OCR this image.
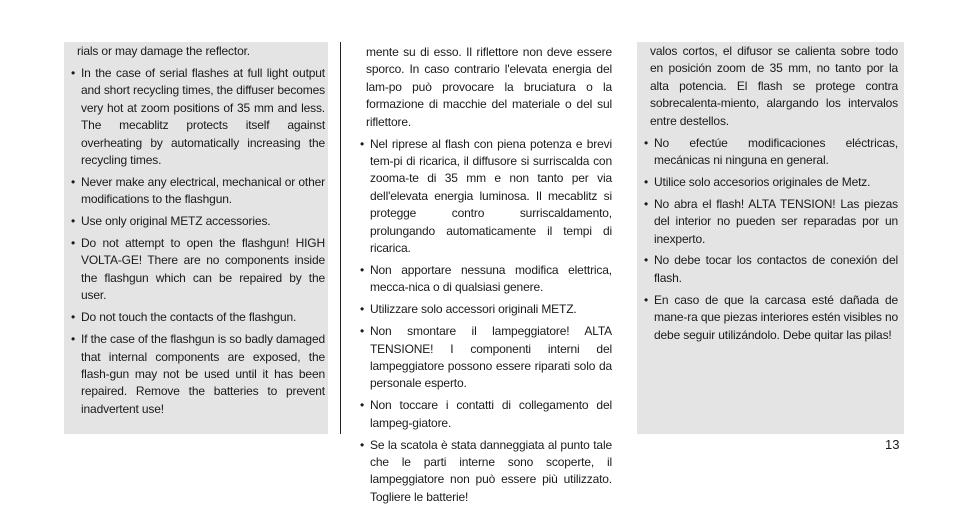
rials or may damage the reflector.

• In the case of serial flashes at full light output and short recycling times, the diffuser becomes very hot at zoom positions of 35 mm and less. The mecablitz protects itself against overheating by automatically increasing the recycling times.
• Never make any electrical, mechanical or other modifications to the flashgun.
• Use only original METZ accessories.
• Do not attempt to open the flashgun! HIGH VOLTA-GE! There are no components inside the flashgun which can be repaired by the user.
• Do not touch the contacts of the flashgun.
• If the case of the flashgun is so badly damaged that internal components are exposed, the flash-gun may not be used until it has been repaired. Remove the batteries to prevent inadvertent use!

mente su di esso. Il riflettore non deve essere sporco. In caso contrario l'elevata energia del lam-po può provocare la bruciatura o la formazione di macchie del materiale o del sul riflettore.

• Nel riprese al flash con piena potenza e brevi tem-pi di ricarica, il diffusore si surriscalda con zooma-te di 35 mm e non tanto per via dell'elevata energia luminosa. Il mecablitz si protegge contro surriscaldamento, prolungando automaticamente il tempi di ricarica.
• Non apportare nessuna modifica elettrica, mecca-nica o di qualsiasi genere.
• Utilizzare solo accessori originali METZ.
• Non smontare il lampeggiatore! ALTA TENSIONE! I componenti interni del lampeggiatore possono essere riparati solo da personale esperto.
• Non toccare i contatti di collegamento del lampeg-giatore.
• Se la scatola è stata danneggiata al punto tale che le parti interne sono scoperte, il lampeggiatore non può essere più utilizzato. Togliere le batterie!

valos cortos, el difusor se calienta sobre todo en posición zoom de 35 mm, no tanto por la alta potencia. El flash se protege contra sobrecalenta-miento, alargando los intervalos entre destellos.

• No efectúe modificaciones eléctricas, mecánicas ni ninguna en general.
• Utilice solo accesorios originales de Metz.
• No abra el flash! ALTA TENSION! Las piezas del interior no pueden ser reparadas por un inexperto.
• No debe tocar los contactos de conexión del flash.
• En caso de que la carcasa esté dañada de mane-ra que piezas interiores estén visibles no debe seguir utilizándolo. Debe quitar las pilas!
13
